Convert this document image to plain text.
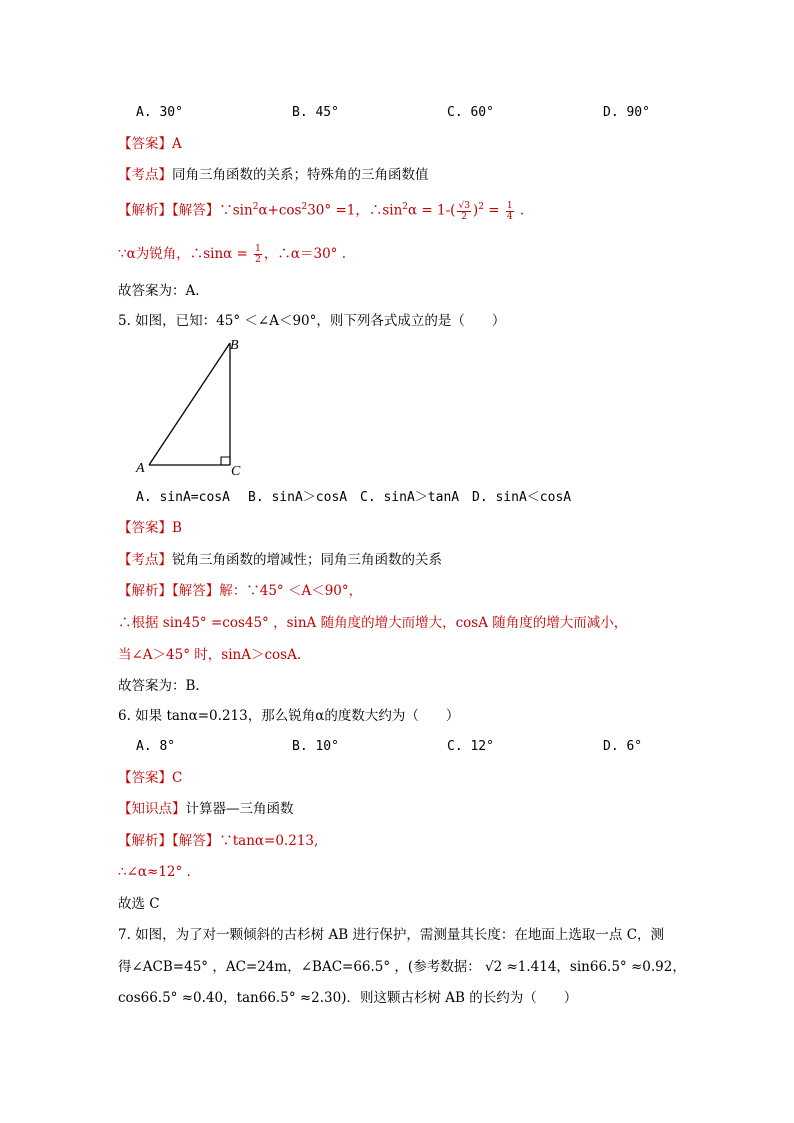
A. 30°	B. 45°	C. 60°	D. 90°
【答案】A
【考点】同角三角函数的关系；特殊角的三角函数值
【解析】【解答】$\because\sin^2\alpha+\cos^230^\circ =1$，$\therefore\sin^2\alpha = 1-( \frac{√3}{2} )^2 = \frac{1}{4}$ .
∵α为锐角，∴sinα = $\frac{1}{2}$ ，∴α＝30° .
故答案为：A.
5. 如图，已知：45° ＜∠A＜90°，则下列各式成立的是（　　）
A
B
C
A. sinA=cosA B. sinA＞cosA C. sinA＞tanA D. sinA＜cosA
【答案】B
【考点】锐角三角函数的增减性；同角三角函数的关系
【解析】【解答】解：∵45° ＜A＜90°，
∴根据 sin45° =cos45° ，sinA 随角度的增大而增大，cosA 随角度的增大而减小，
当∠A＞45° 时，sinA＞cosA.
故答案为：B.
6. 如果 tanα=0.213，那么锐角α的度数大约为（　　）
A. 8°	B. 10°	C. 12°	D. 6°
【答案】C
【知识点】计算器—三角函数
【解析】【解答】∵tanα=0.213,
∴∠α≈12° .
故选 C
7. 如图，为了对一颗倾斜的古杉树 AB 进行保护，需测量其长度：在地面上选取一点 C，测
得∠ACB=45° ，AC=24m，∠BAC=66.5° ，(参考数据： √2 ≈1.414，sin66.5° ≈0.92，
cos66.5° ≈0.40，tan66.5° ≈2.30)．则这颗古杉树 AB 的长约为（　　）
